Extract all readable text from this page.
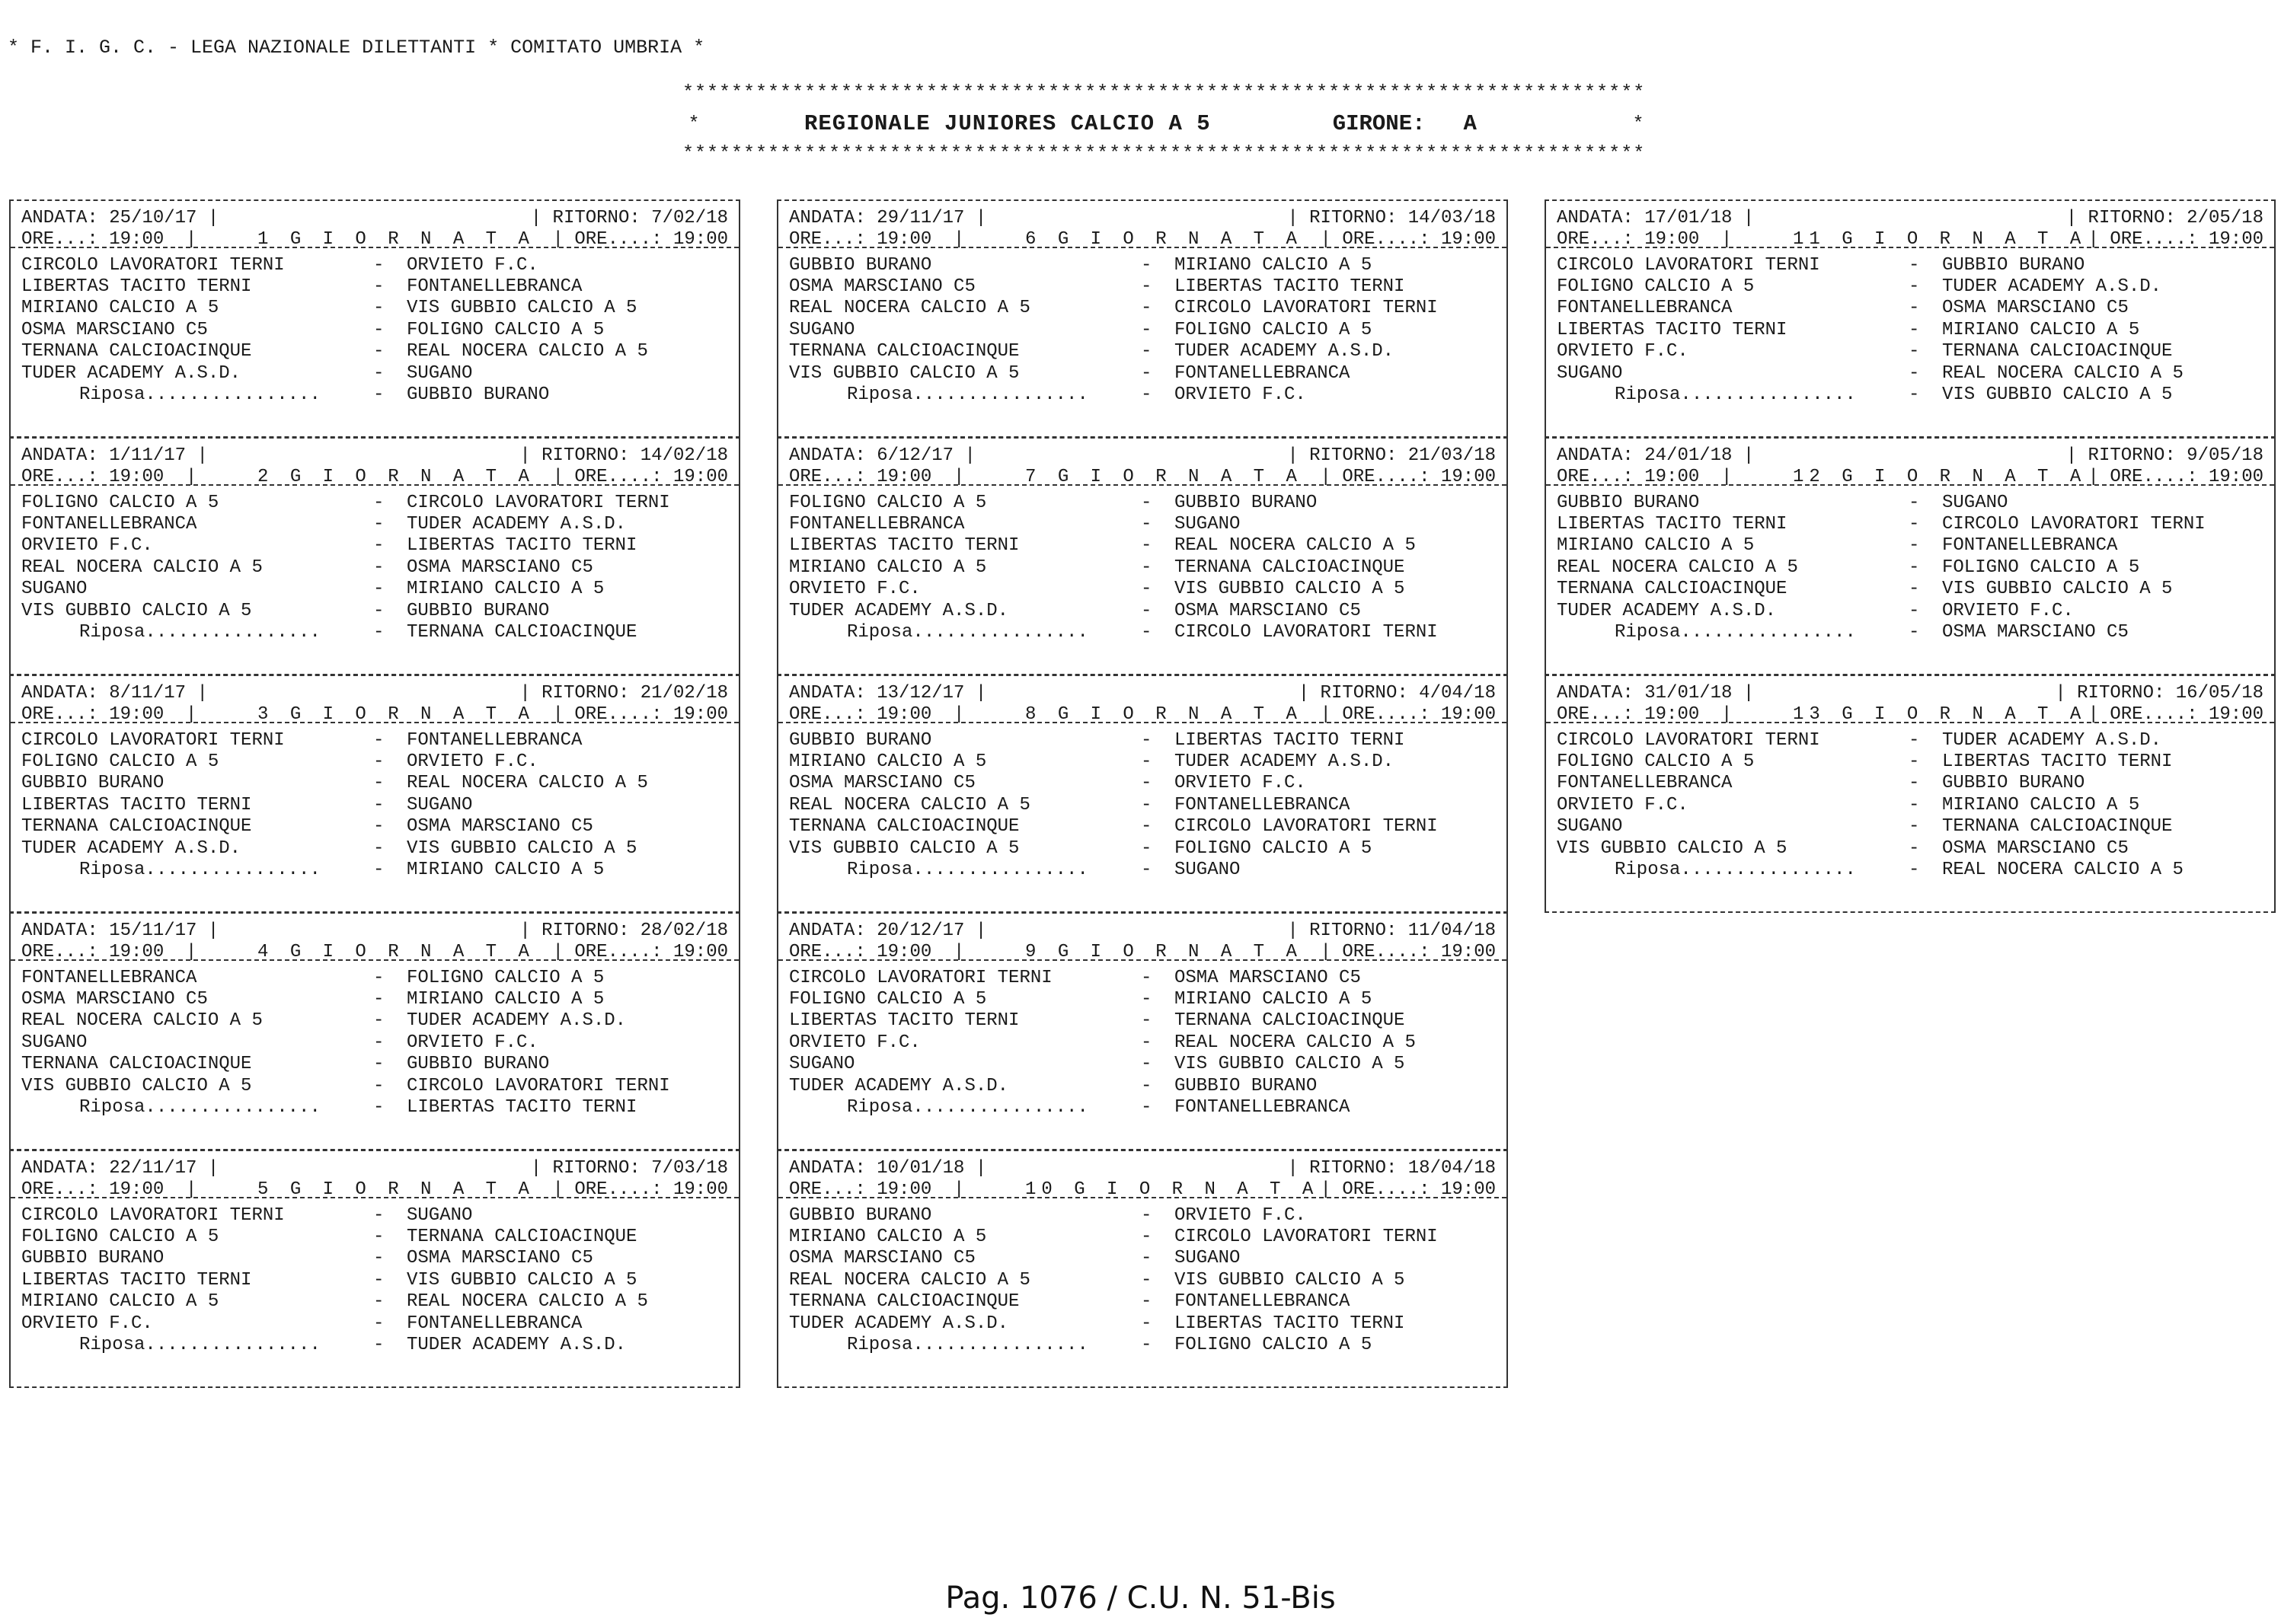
* F. I. G. C. - LEGA NAZIONALE DILETTANTI * COMITATO UMBRIA *
*******************************************************************************
*	REGIONALE JUNIORES CALCIO A 5	GIRONE: A	*
*******************************************************************************
ANDATA: 25/10/17 |	| RITORNO: 7/02/18
ORE...: 19:00  |	1 G I O R N A T A | ORE....: 19:00
CIRCOLO LAVORATORI TERNI	-	ORVIETO F.C.
LIBERTAS TACITO TERNI	-	FONTANELLEBRANCA
MIRIANO CALCIO A 5	-	VIS GUBBIO CALCIO A 5
OSMA MARSCIANO C5	-	FOLIGNO CALCIO A 5
TERNANA CALCIOACINQUE	-	REAL NOCERA CALCIO A 5
TUDER ACADEMY A.S.D.	-	SUGANO
Riposa................	-	GUBBIO BURANO
ANDATA: 1/11/17 |	| RITORNO: 14/02/18
ORE...: 19:00  |	2 G I O R N A T A | ORE....: 19:00
FOLIGNO CALCIO A 5	-	CIRCOLO LAVORATORI TERNI
FONTANELLEBRANCA	-	TUDER ACADEMY A.S.D.
ORVIETO F.C.	-	LIBERTAS TACITO TERNI
REAL NOCERA CALCIO A 5	-	OSMA MARSCIANO C5
SUGANO	-	MIRIANO CALCIO A 5
VIS GUBBIO CALCIO A 5	-	GUBBIO BURANO
Riposa................	-	TERNANA CALCIOACINQUE
ANDATA: 8/11/17 |	| RITORNO: 21/02/18
ORE...: 19:00  |	3 G I O R N A T A | ORE....: 19:00
CIRCOLO LAVORATORI TERNI	-	FONTANELLEBRANCA
FOLIGNO CALCIO A 5	-	ORVIETO F.C.
GUBBIO BURANO	-	REAL NOCERA CALCIO A 5
LIBERTAS TACITO TERNI	-	SUGANO
TERNANA CALCIOACINQUE	-	OSMA MARSCIANO C5
TUDER ACADEMY A.S.D.	-	VIS GUBBIO CALCIO A 5
Riposa................	-	MIRIANO CALCIO A 5
ANDATA: 15/11/17 |	| RITORNO: 28/02/18
ORE...: 19:00  |	4 G I O R N A T A | ORE....: 19:00
FONTANELLEBRANCA	-	FOLIGNO CALCIO A 5
OSMA MARSCIANO C5	-	MIRIANO CALCIO A 5
REAL NOCERA CALCIO A 5	-	TUDER ACADEMY A.S.D.
SUGANO	-	ORVIETO F.C.
TERNANA CALCIOACINQUE	-	GUBBIO BURANO
VIS GUBBIO CALCIO A 5	-	CIRCOLO LAVORATORI TERNI
Riposa................	-	LIBERTAS TACITO TERNI
ANDATA: 22/11/17 |	| RITORNO: 7/03/18
ORE...: 19:00  |	5 G I O R N A T A | ORE....: 19:00
CIRCOLO LAVORATORI TERNI	-	SUGANO
FOLIGNO CALCIO A 5	-	TERNANA CALCIOACINQUE
GUBBIO BURANO	-	OSMA MARSCIANO C5
LIBERTAS TACITO TERNI	-	VIS GUBBIO CALCIO A 5
MIRIANO CALCIO A 5	-	REAL NOCERA CALCIO A 5
ORVIETO F.C.	-	FONTANELLEBRANCA
Riposa................	-	TUDER ACADEMY A.S.D.
ANDATA: 29/11/17 |	| RITORNO: 14/03/18
ORE...: 19:00  |	6 G I O R N A T A | ORE....: 19:00
GUBBIO BURANO	-	MIRIANO CALCIO A 5
OSMA MARSCIANO C5	-	LIBERTAS TACITO TERNI
REAL NOCERA CALCIO A 5	-	CIRCOLO LAVORATORI TERNI
SUGANO	-	FOLIGNO CALCIO A 5
TERNANA CALCIOACINQUE	-	TUDER ACADEMY A.S.D.
VIS GUBBIO CALCIO A 5	-	FONTANELLEBRANCA
Riposa................	-	ORVIETO F.C.
ANDATA: 6/12/17 |	| RITORNO: 21/03/18
ORE...: 19:00  |	7 G I O R N A T A | ORE....: 19:00
FOLIGNO CALCIO A 5	-	GUBBIO BURANO
FONTANELLEBRANCA	-	SUGANO
LIBERTAS TACITO TERNI	-	REAL NOCERA CALCIO A 5
MIRIANO CALCIO A 5	-	TERNANA CALCIOACINQUE
ORVIETO F.C.	-	VIS GUBBIO CALCIO A 5
TUDER ACADEMY A.S.D.	-	OSMA MARSCIANO C5
Riposa................	-	CIRCOLO LAVORATORI TERNI
ANDATA: 13/12/17 |	| RITORNO: 4/04/18
ORE...: 19:00  |	8 G I O R N A T A | ORE....: 19:00
GUBBIO BURANO	-	LIBERTAS TACITO TERNI
MIRIANO CALCIO A 5	-	TUDER ACADEMY A.S.D.
OSMA MARSCIANO C5	-	ORVIETO F.C.
REAL NOCERA CALCIO A 5	-	FONTANELLEBRANCA
TERNANA CALCIOACINQUE	-	CIRCOLO LAVORATORI TERNI
VIS GUBBIO CALCIO A 5	-	FOLIGNO CALCIO A 5
Riposa................	-	SUGANO
ANDATA: 20/12/17 |	| RITORNO: 11/04/18
ORE...: 19:00  |	9 G I O R N A T A | ORE....: 19:00
CIRCOLO LAVORATORI TERNI	-	OSMA MARSCIANO C5
FOLIGNO CALCIO A 5	-	MIRIANO CALCIO A 5
LIBERTAS TACITO TERNI	-	TERNANA CALCIOACINQUE
ORVIETO F.C.	-	REAL NOCERA CALCIO A 5
SUGANO	-	VIS GUBBIO CALCIO A 5
TUDER ACADEMY A.S.D.	-	GUBBIO BURANO
Riposa................	-	FONTANELLEBRANCA
ANDATA: 10/01/18 |	| RITORNO: 18/04/18
ORE...: 19:00  |	10 G I O R N A T A | ORE....: 19:00
GUBBIO BURANO	-	ORVIETO F.C.
MIRIANO CALCIO A 5	-	CIRCOLO LAVORATORI TERNI
OSMA MARSCIANO C5	-	SUGANO
REAL NOCERA CALCIO A 5	-	VIS GUBBIO CALCIO A 5
TERNANA CALCIOACINQUE	-	FONTANELLEBRANCA
TUDER ACADEMY A.S.D.	-	LIBERTAS TACITO TERNI
Riposa................	-	FOLIGNO CALCIO A 5
ANDATA: 17/01/18 |	| RITORNO: 2/05/18
ORE...: 19:00  |	11 G I O R N A T A | ORE....: 19:00
CIRCOLO LAVORATORI TERNI	-	GUBBIO BURANO
FOLIGNO CALCIO A 5	-	TUDER ACADEMY A.S.D.
FONTANELLEBRANCA	-	OSMA MARSCIANO C5
LIBERTAS TACITO TERNI	-	MIRIANO CALCIO A 5
ORVIETO F.C.	-	TERNANA CALCIOACINQUE
SUGANO	-	REAL NOCERA CALCIO A 5
Riposa................	-	VIS GUBBIO CALCIO A 5
ANDATA: 24/01/18 |	| RITORNO: 9/05/18
ORE...: 19:00  |	12 G I O R N A T A | ORE....: 19:00
GUBBIO BURANO	-	SUGANO
LIBERTAS TACITO TERNI	-	CIRCOLO LAVORATORI TERNI
MIRIANO CALCIO A 5	-	FONTANELLEBRANCA
REAL NOCERA CALCIO A 5	-	FOLIGNO CALCIO A 5
TERNANA CALCIOACINQUE	-	VIS GUBBIO CALCIO A 5
TUDER ACADEMY A.S.D.	-	ORVIETO F.C.
Riposa................	-	OSMA MARSCIANO C5
ANDATA: 31/01/18 |	| RITORNO: 16/05/18
ORE...: 19:00  |	13 G I O R N A T A | ORE....: 19:00
CIRCOLO LAVORATORI TERNI	-	TUDER ACADEMY A.S.D.
FOLIGNO CALCIO A 5	-	LIBERTAS TACITO TERNI
FONTANELLEBRANCA	-	GUBBIO BURANO
ORVIETO F.C.	-	MIRIANO CALCIO A 5
SUGANO	-	TERNANA CALCIOACINQUE
VIS GUBBIO CALCIO A 5	-	OSMA MARSCIANO C5
Riposa................	-	REAL NOCERA CALCIO A 5
Pag. 1076 / C.U. N. 51-Bis
